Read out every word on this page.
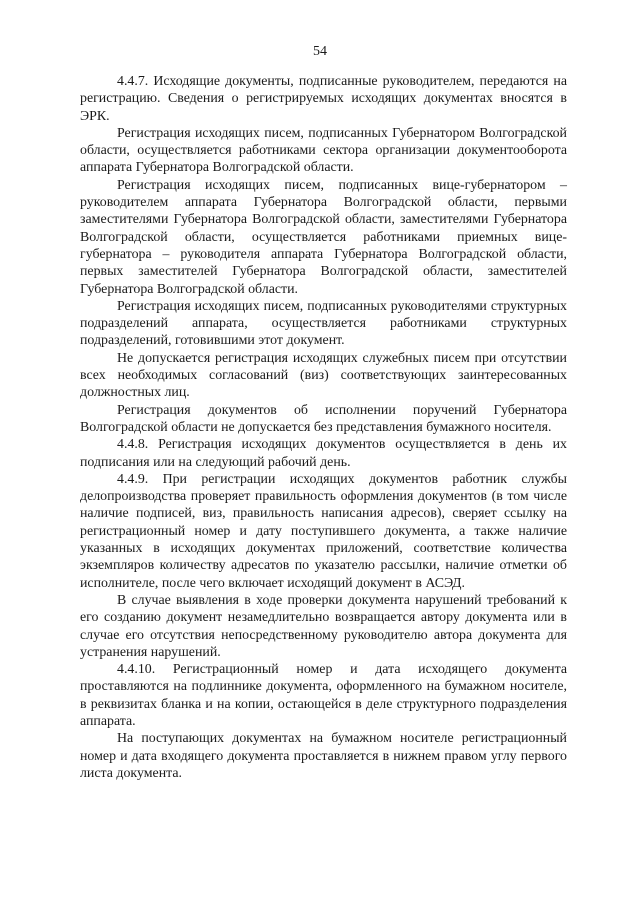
54

4.4.7. Исходящие документы, подписанные руководителем, передаются на регистрацию. Сведения о регистрируемых исходящих документах вносятся в ЭРК.

Регистрация исходящих писем, подписанных Губернатором Волгоградской области, осуществляется работниками сектора организации документооборота аппарата Губернатора Волгоградской области.

Регистрация исходящих писем, подписанных вице-губернатором – руководителем аппарата Губернатора Волгоградской области, первыми заместителями Губернатора Волгоградской области, заместителями Губернатора Волгоградской области, осуществляется работниками приемных вице-губернатора – руководителя аппарата Губернатора Волгоградской области, первых заместителей Губернатора Волгоградской области, заместителей Губернатора Волгоградской области.

Регистрация исходящих писем, подписанных руководителями структурных подразделений аппарата, осуществляется работниками структурных подразделений, готовившими этот документ.

Не допускается регистрация исходящих служебных писем при отсутствии всех необходимых согласований (виз) соответствующих заинтересованных должностных лиц.

Регистрация документов об исполнении поручений Губернатора Волгоградской области не допускается без представления бумажного носителя.

4.4.8. Регистрация исходящих документов осуществляется в день их подписания или на следующий рабочий день.

4.4.9. При регистрации исходящих документов работник службы делопроизводства проверяет правильность оформления документов (в том числе наличие подписей, виз, правильность написания адресов), сверяет ссылку на регистрационный номер и дату поступившего документа, а также наличие указанных в исходящих документах приложений, соответствие количества экземпляров количеству адресатов по указателю рассылки, наличие отметки об исполнителе, после чего включает исходящий документ в АСЭД.

В случае выявления в ходе проверки документа нарушений требований к его созданию документ незамедлительно возвращается автору документа или в случае его отсутствия непосредственному руководителю автора документа для устранения нарушений.

4.4.10. Регистрационный номер и дата исходящего документа проставляются на подлиннике документа, оформленного на бумажном носителе, в реквизитах бланка и на копии, остающейся в деле структурного подразделения аппарата.

На поступающих документах на бумажном носителе регистрационный номер и дата входящего документа проставляется в нижнем правом углу первого листа документа.
